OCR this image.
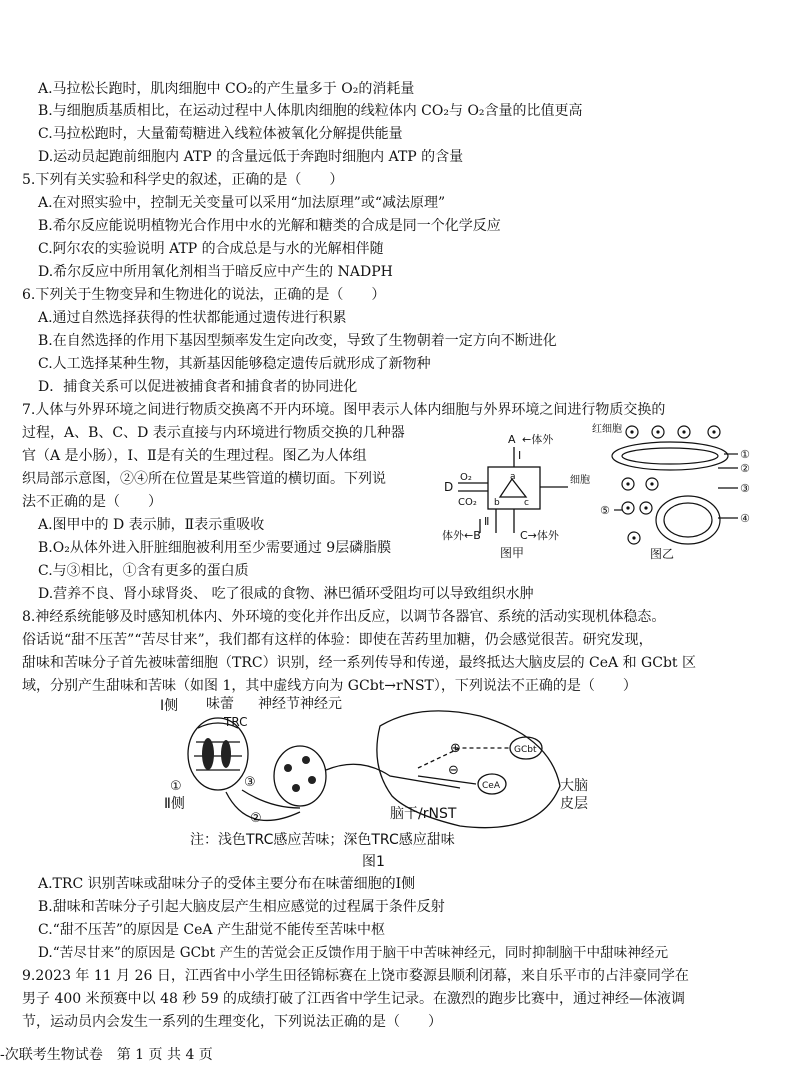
A.马拉松长跑时，肌肉细胞中 CO₂的产生量多于 O₂的消耗量
B.与细胞质基质相比，在运动过程中人体肌肉细胞的线粒体内 CO₂与 O₂含量的比值更高
C.马拉松跑时，大量葡萄糖进入线粒体被氧化分解提供能量
D.运动员起跑前细胞内 ATP 的含量远低于奔跑时细胞内 ATP 的含量
5.下列有关实验和科学史的叙述，正确的是（　　）
A.在对照实验中，控制无关变量可以采用“加法原理”或“减法原理”
B.希尔反应能说明植物光合作用中水的光解和糖类的合成是同一个化学反应
C.阿尔农的实验说明 ATP 的合成总是与水的光解相伴随
D.希尔反应中所用氧化剂相当于暗反应中产生的 NADPH
6.下列关于生物变异和生物进化的说法，正确的是（　　）
A.通过自然选择获得的性状都能通过遗传进行积累
B.在自然选择的作用下基因型频率发生定向改变，导致了生物朝着一定方向不断进化
C.人工选择某种生物，其新基因能够稳定遗传后就形成了新物种
D．捕食关系可以促进被捕食者和捕食者的协同进化
7.人体与外界环境之间进行物质交换离不开内环境。图甲表示人体内细胞与外界环境之间进行物质交换的
过程，A、B、C、D 表示直接与内环境进行物质交换的几种器
官（A 是小肠），Ⅰ、Ⅱ是有关的生理过程。图乙为人体组
织局部示意图，②④所在位置是某些管道的横切面。下列说
法不正确的是（　　）
A.图甲中的 D 表示肺，Ⅱ表示重吸收
B.O₂从体外进入肝脏细胞被利用至少需要通过 9层磷脂膜
C.与③相比，①含有更多的蛋白质
D.营养不良、肾小球肾炎、 吃了很咸的食物、淋巴循环受阻均可以导致组织水肿
A ←体外
Ⅰ
D
O₂
CO₂
a
b	c
细胞
Ⅱ
体外←B	C→体外
图甲
红细胞
①
②
③
④
⑤
图乙
8.神经系统能够及时感知机体内、外环境的变化并作出反应，以调节各器官、系统的活动实现机体稳态。
俗话说“甜不压苦”“苦尽甘来”，我们都有这样的体验：即使在苦药里加糖，仍会感觉很苦。研究发现，
甜味和苦味分子首先被味蕾细胞（TRC）识别，经一系列传导和传递，最终抵达大脑皮层的 CeA 和 GCbt 区
域，分别产生甜味和苦味（如图 1，其中虚线方向为 GCbt→rNST），下列说法不正确的是（　　）
Ⅰ侧 味蕾 神经节神经元
TRC
①	③
②
Ⅱ侧
⊕
⊖
GCbt
CeA
脑干/rNST
大脑
皮层
注：浅色TRC感应苦味；深色TRC感应甜味
图1
A.TRC 识别苦味或甜味分子的受体主要分布在味蕾细胞的Ⅰ侧
B.甜味和苦味分子引起大脑皮层产生相应感觉的过程属于条件反射
C.“甜不压苦”的原因是 CeA 产生甜觉不能传至苦味中枢
D.“苦尽甘来”的原因是 GCbt 产生的苦觉会正反馈作用于脑干中苦味神经元，同时抑制脑干中甜味神经元
9.2023 年 11 月 26 日，江西省中小学生田径锦标赛在上饶市婺源县顺利闭幕，来自乐平市的占沣豪同学在
男子 400 米预赛中以 48 秒 59 的成绩打破了江西省中学生记录。在激烈的跑步比赛中，通过神经—体液调
节，运动员内会发生一系列的生理变化，下列说法正确的是（　　）
-次联考生物试卷　第 1 页 共 4 页
